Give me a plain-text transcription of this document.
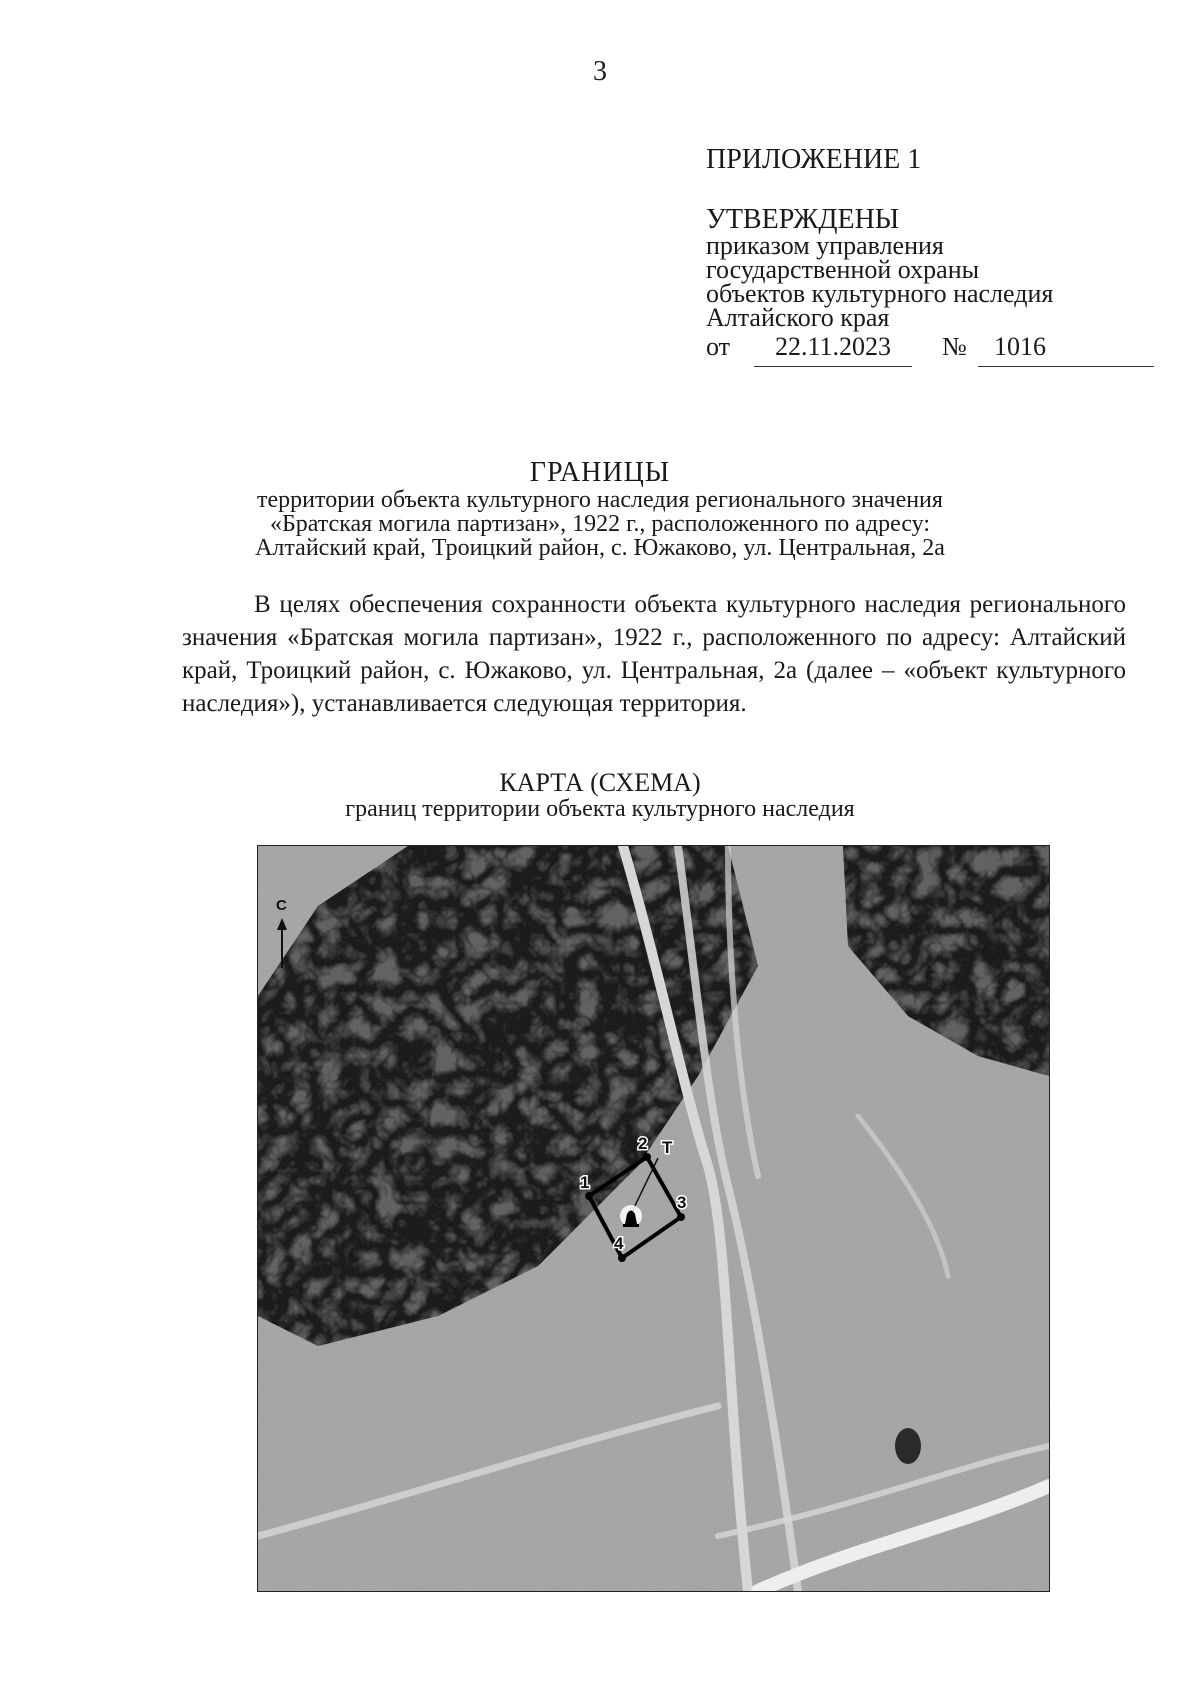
3
ПРИЛОЖЕНИЕ 1
УТВЕРЖДЕНЫ
приказом управления
государственной охраны
объектов культурного наследия
Алтайского края
от	22.11.2023	№	1016
ГРАНИЦЫ
территории объекта культурного наследия регионального значения
«Братская могила партизан», 1922 г., расположенного по адресу:
Алтайский край, Троицкий район, с. Южаково, ул. Центральная, 2а
В целях обеспечения сохранности объекта культурного наследия регионального значения «Братская могила партизан», 1922 г., расположенного по адресу: Алтайский край, Троицкий район, с. Южаково, ул. Центральная, 2а (далее – «объект культурного наследия»), устанавливается следующая территория.
КАРТА (СХЕМА)
границ территории объекта культурного наследия
С
1
2
3
4
Т
